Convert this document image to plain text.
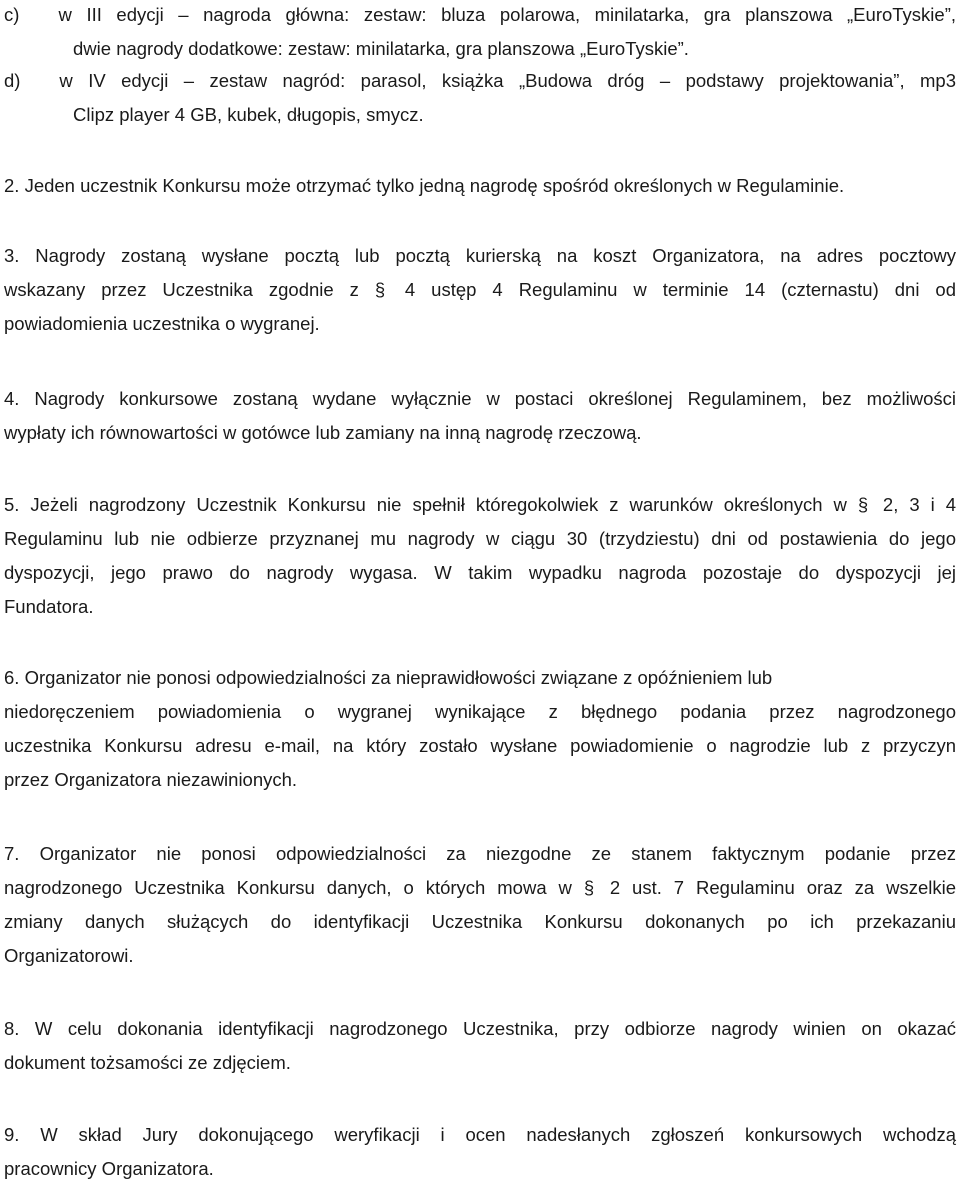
c) w III edycji – nagroda główna: zestaw: bluza polarowa, minilatarka, gra planszowa „EuroTyskie”,
dwie nagrody dodatkowe: zestaw: minilatarka, gra planszowa „EuroTyskie”.
d) w IV edycji – zestaw nagród: parasol, książka „Budowa dróg – podstawy projektowania”, mp3
Clipz player 4 GB, kubek, długopis, smycz.
2. Jeden uczestnik Konkursu może otrzymać tylko jedną nagrodę spośród określonych w Regulaminie.
3. Nagrody zostaną wysłane pocztą lub pocztą kurierską na koszt Organizatora, na adres pocztowy
wskazany przez Uczestnika zgodnie z § 4 ustęp 4 Regulaminu w terminie 14 (czternastu) dni od
powiadomienia uczestnika o wygranej.
4. Nagrody konkursowe zostaną wydane wyłącznie w postaci określonej Regulaminem, bez możliwości
wypłaty ich równowartości w gotówce lub zamiany na inną nagrodę rzeczową.
5. Jeżeli nagrodzony Uczestnik Konkursu nie spełnił któregokolwiek z warunków określonych w § 2, 3 i 4
Regulaminu lub nie odbierze przyznanej mu nagrody w ciągu 30 (trzydziestu) dni od postawienia do jego
dyspozycji, jego prawo do nagrody wygasa. W takim wypadku nagroda pozostaje do dyspozycji jej
Fundatora.
6. Organizator nie ponosi odpowiedzialności za nieprawidłowości związane z opóźnieniem lub
niedoręczeniem powiadomienia o wygranej wynikające z błędnego podania przez nagrodzonego
uczestnika Konkursu adresu e-mail, na który zostało wysłane powiadomienie o nagrodzie lub z przyczyn
przez Organizatora niezawinionych.
7. Organizator nie ponosi odpowiedzialności za niezgodne ze stanem faktycznym podanie przez
nagrodzonego Uczestnika Konkursu danych, o których mowa w § 2 ust. 7 Regulaminu oraz za wszelkie
zmiany danych służących do identyfikacji Uczestnika Konkursu dokonanych po ich przekazaniu
Organizatorowi.
8. W celu dokonania identyfikacji nagrodzonego Uczestnika, przy odbiorze nagrody winien on okazać
dokument tożsamości ze zdjęciem.
9. W skład Jury dokonującego weryfikacji i ocen nadesłanych zgłoszeń konkursowych wchodzą
pracownicy Organizatora.
